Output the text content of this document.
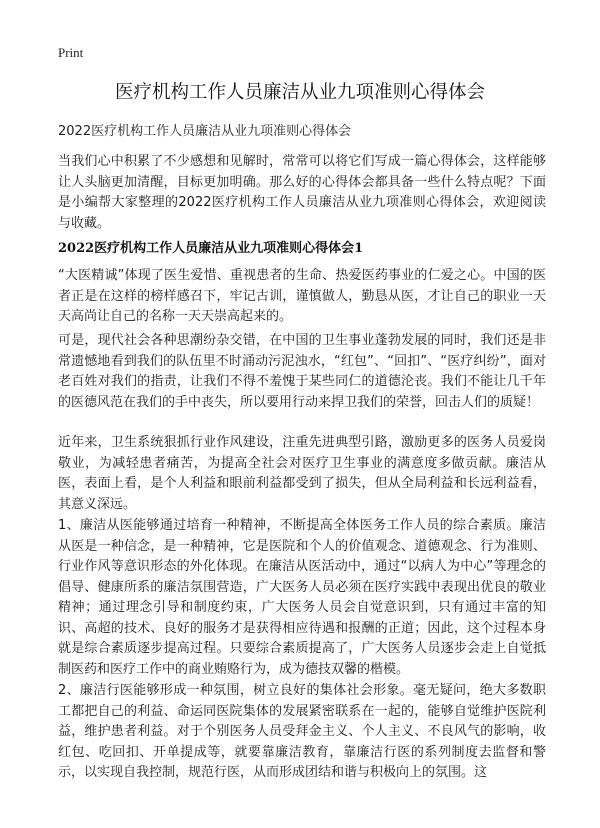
Print
医疗机构工作人员廉洁从业九项准则心得体会
2022医疗机构工作人员廉洁从业九项准则心得体会

当我们心中积累了不少感想和见解时，常常可以将它们写成一篇心得体会，这样能够让人头脑更加清醒，目标更加明确。那么好的心得体会都具备一些什么特点呢？下面是小编帮大家整理的2022医疗机构工作人员廉洁从业九项准则心得体会，欢迎阅读与收藏。

2022医疗机构工作人员廉洁从业九项准则心得体会1

“大医精诚”体现了医生爱惜、重视患者的生命、热爱医药事业的仁爱之心。中国的医者正是在这样的榜样感召下，牢记古训，谨慎做人，勤恳从医，才让自己的职业一天天高尚让自己的名称一天天崇高起来的。

可是，现代社会各种思潮纷杂交错，在中国的卫生事业蓬勃发展的同时，我们还是非常遗憾地看到我们的队伍里不时涌动污泥浊水，“红包”、“回扣”、“医疗纠纷”，面对老百姓对我们的指责，让我们不得不羞愧于某些同仁的道德沦丧。我们不能让几千年的医德风范在我们的手中丧失，所以要用行动来捍卫我们的荣誉，回击人们的质疑！

近年来，卫生系统狠抓行业作风建设，注重先进典型引路，激励更多的医务人员爱岗敬业，为减轻患者痛苦，为提高全社会对医疗卫生事业的满意度多做贡献。廉洁从医，表面上看，是个人利益和眼前利益都受到了损失，但从全局利益和长远利益看，其意义深远。

1、廉洁从医能够通过培育一种精神，不断提高全体医务工作人员的综合素质。廉洁从医是一种信念，是一种精神，它是医院和个人的价值观念、道德观念、行为准则、行业作风等意识形态的外化体现。在廉洁从医活动中，通过“以病人为中心”等理念的倡导、健康所系的廉洁氛围营造，广大医务人员必须在医疗实践中表现出优良的敬业精神；通过理念引导和制度约束，广大医务人员会自觉意识到，只有通过丰富的知识、高超的技术、良好的服务才是获得相应待遇和报酬的正道；因此，这个过程本身就是综合素质逐步提高过程。只要综合素质提高了，广大医务人员逐步会走上自觉抵制医药和医疗工作中的商业贿赂行为，成为德技双馨的楷模。

2、廉洁行医能够形成一种氛围，树立良好的集体社会形象。毫无疑问，绝大多数职工都把自己的利益、命运同医院集体的发展紧密联系在一起的，能够自觉维护医院利益，维护患者利益。对于个别医务人员受拜金主义、个人主义、不良风气的影响，收红包、吃回扣、开单提成等，就要靠廉洁教育，靠廉洁行医的系列制度去监督和警示，以实现自我控制，规范行医，从而形成团结和谐与积极向上的氛围。这
